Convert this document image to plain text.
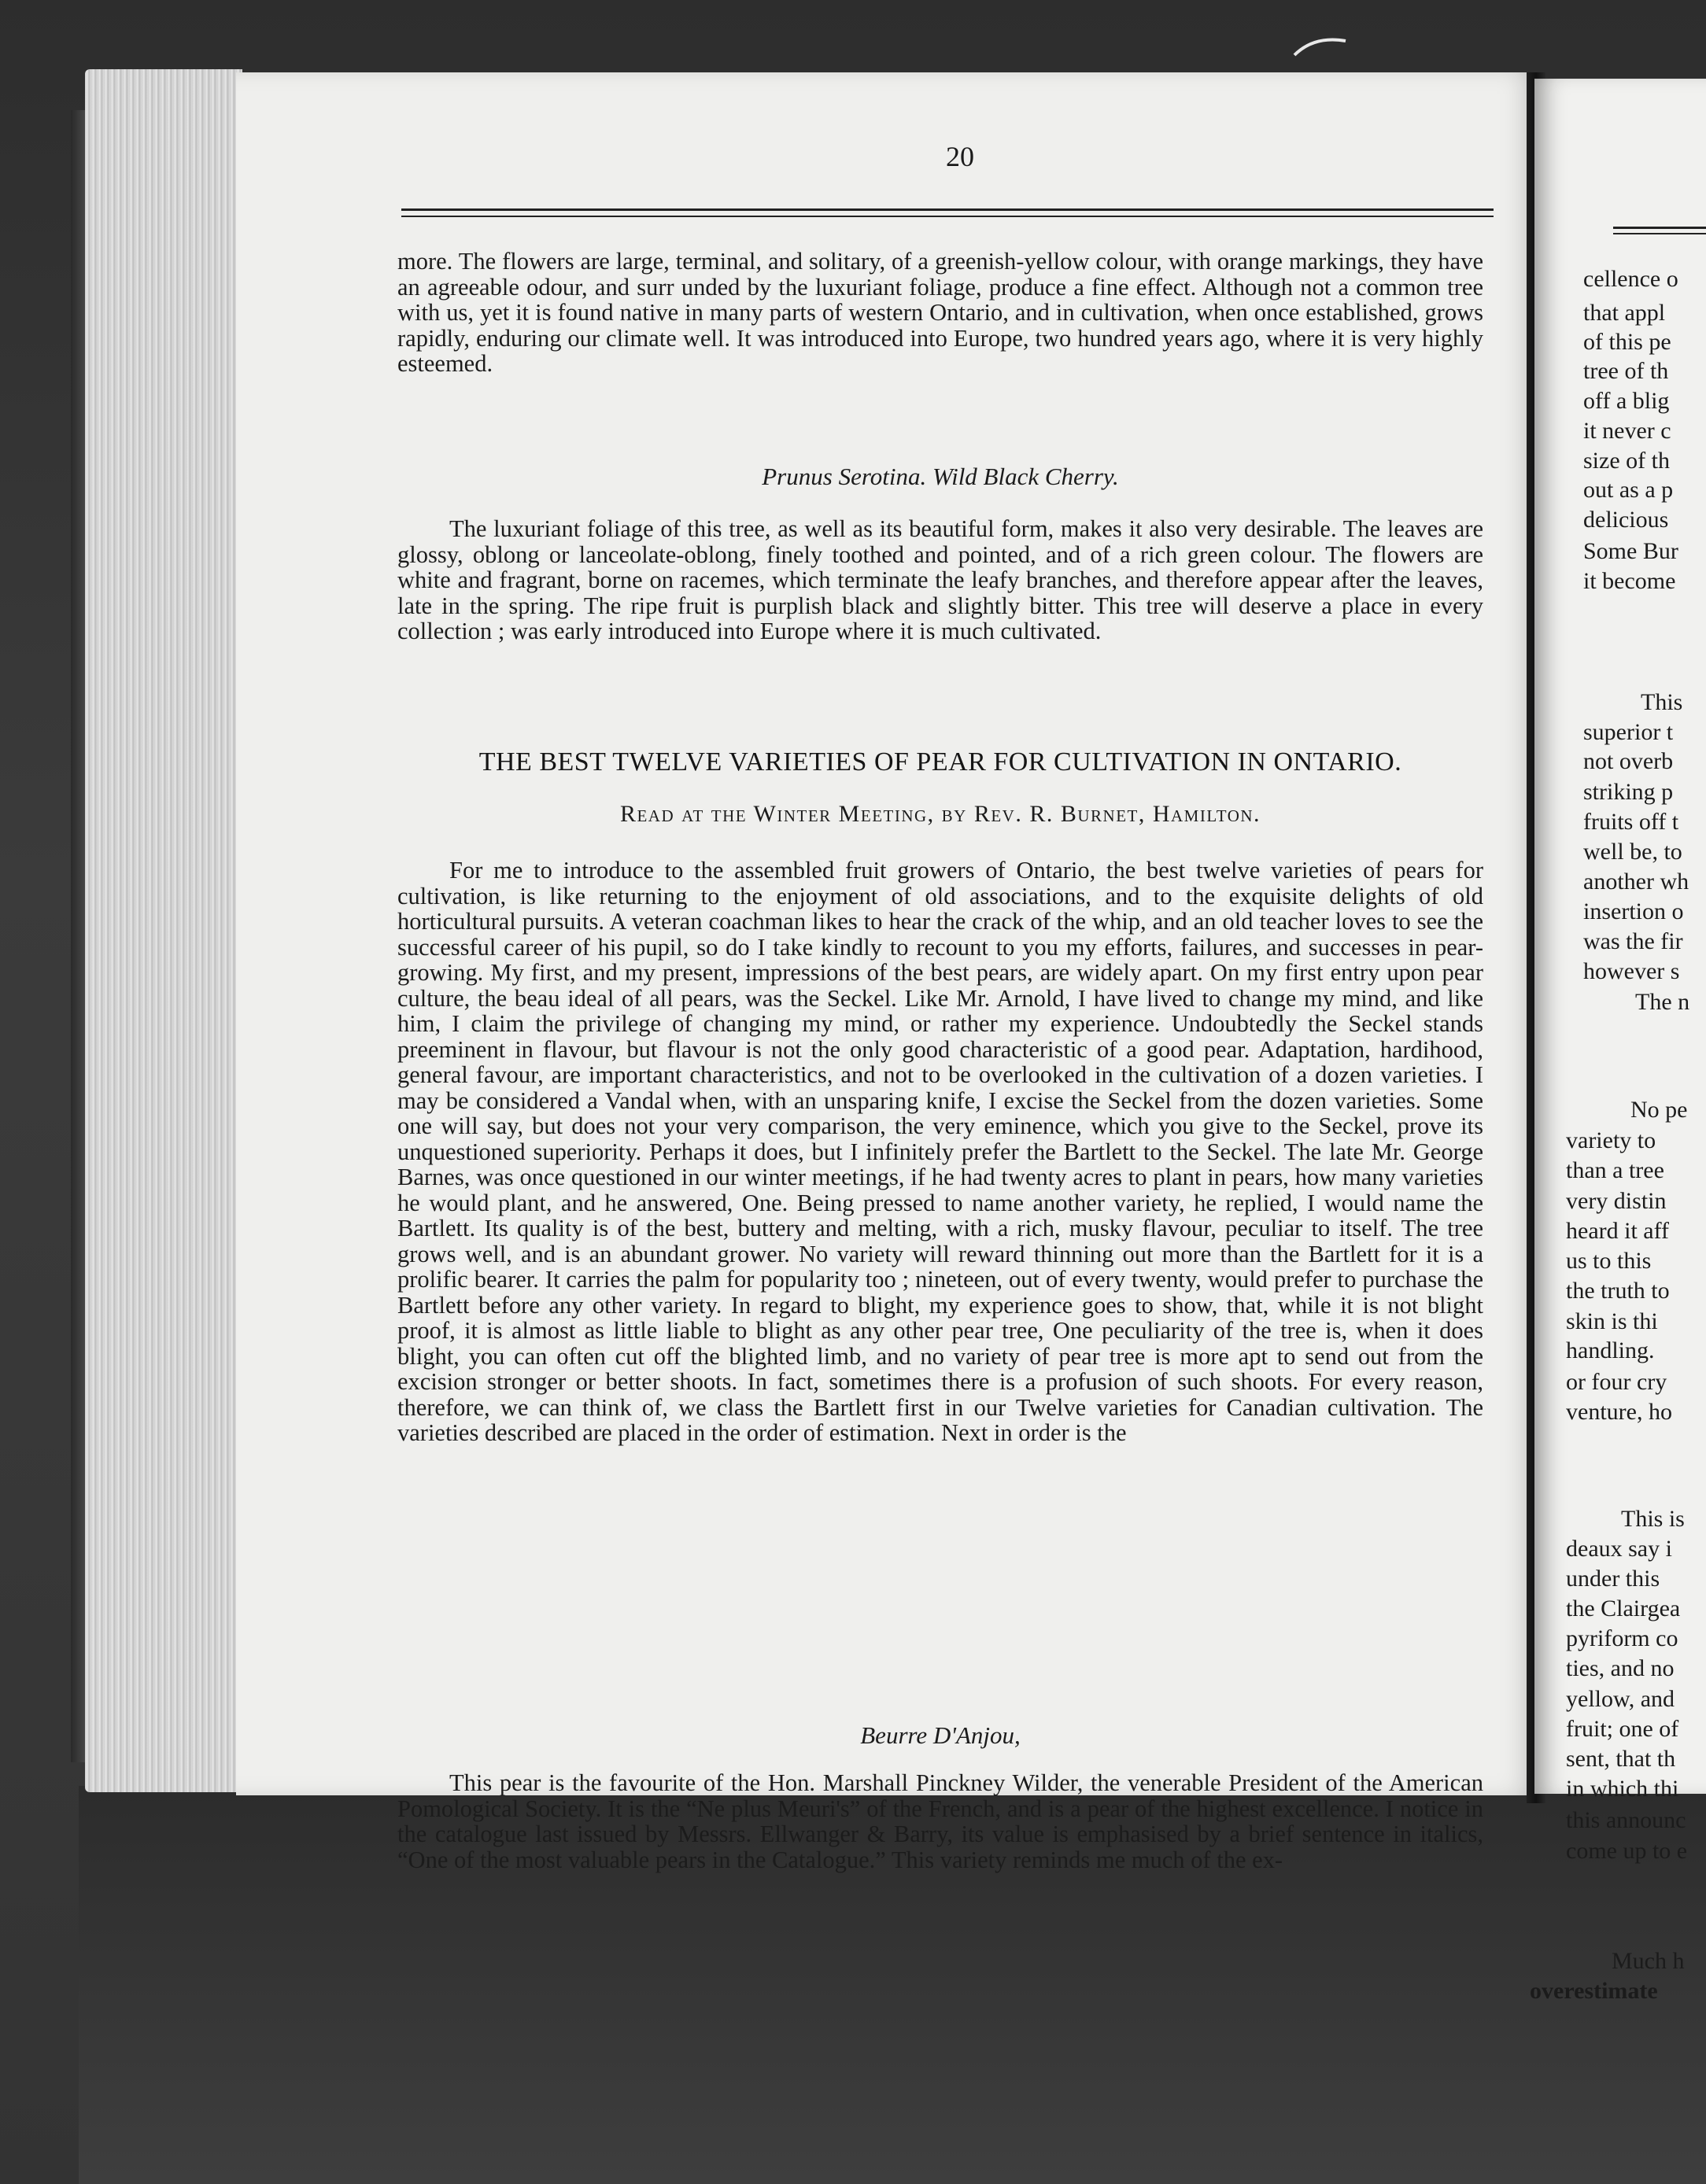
20

more. The flowers are large, terminal, and solitary, of a greenish-yellow colour, with orange markings, they have an agreeable odour, and surr unded by the luxuriant foliage, produce a fine effect. Although not a common tree with us, yet it is found native in many parts of western Ontario, and in cultivation, when once established, grows rapidly, enduring our climate well. It was introduced into Europe, two hundred years ago, where it is very highly esteemed.

Prunus Serotina. Wild Black Cherry.

The luxuriant foliage of this tree, as well as its beautiful form, makes it also very desirable. The leaves are glossy, oblong or lanceolate-oblong, finely toothed and pointed, and of a rich green colour. The flowers are white and fragrant, borne on racemes, which terminate the leafy branches, and therefore appear after the leaves, late in the spring. The ripe fruit is purplish black and slightly bitter. This tree will deserve a place in every collection ; was early introduced into Europe where it is much cultivated.

THE BEST TWELVE VARIETIES OF PEAR FOR CULTIVATION IN ONTARIO.
Read at the Winter Meeting, by Rev. R. Burnet, Hamilton.

For me to introduce to the assembled fruit growers of Ontario, the best twelve varieties of pears for cultivation, is like returning to the enjoyment of old associations, and to the exquisite delights of old horticultural pursuits. A veteran coachman likes to hear the crack of the whip, and an old teacher loves to see the successful career of his pupil, so do I take kindly to recount to you my efforts, failures, and successes in pear-growing. My first, and my present, impressions of the best pears, are widely apart. On my first entry upon pear culture, the beau ideal of all pears, was the Seckel. Like Mr. Arnold, I have lived to change my mind, and like him, I claim the privilege of changing my mind, or rather my experience. Undoubtedly the Seckel stands preeminent in flavour, but flavour is not the only good characteristic of a good pear. Adaptation, hardihood, general favour, are important characteristics, and not to be overlooked in the cultivation of a dozen varieties. I may be considered a Vandal when, with an unsparing knife, I excise the Seckel from the dozen varieties. Some one will say, but does not your very comparison, the very eminence, which you give to the Seckel, prove its unquestioned superiority. Perhaps it does, but I infinitely prefer the Bartlett to the Seckel. The late Mr. George Barnes, was once questioned in our winter meetings, if he had twenty acres to plant in pears, how many varieties he would plant, and he answered, One. Being pressed to name another variety, he replied, I would name the Bartlett. Its quality is of the best, buttery and melting, with a rich, musky flavour, peculiar to itself. The tree grows well, and is an abundant grower. No variety will reward thinning out more than the Bartlett for it is a prolific bearer. It carries the palm for popularity too ; nineteen, out of every twenty, would prefer to purchase the Bartlett before any other variety. In regard to blight, my experience goes to show, that, while it is not blight proof, it is almost as little liable to blight as any other pear tree, One peculiarity of the tree is, when it does blight, you can often cut off the blighted limb, and no variety of pear tree is more apt to send out from the excision stronger or better shoots. In fact, sometimes there is a profusion of such shoots. For every reason, therefore, we can think of, we class the Bartlett first in our Twelve varieties for Canadian cultivation. The varieties described are placed in the order of estimation. Next in order is the

Beurre D'Anjou,

This pear is the favourite of the Hon. Marshall Pinckney Wilder, the venerable President of the American Pomological Society. It is the “Ne plus Meuri's” of the French, and is a pear of the highest excellence. I notice in the catalogue last issued by Messrs. Ellwanger & Barry, its value is emphasised by a brief sentence in italics, “One of the most valuable pears in the Catalogue.” This variety reminds me much of the ex-

cellence o
that appl
of this pe
tree of th
off a blig
it never c
size of th
out as a p
delicious
Some Bur
it become
This
superior t
not overb
striking p
fruits off t
well be, to
another wh
insertion o
was the fir
however s
The n
No pe
variety to
than a tree
very distin
heard it aff
us to this
the truth to
skin is thi
handling.
or four cry
venture, ho
This is
deaux say i
under this
the Clairgea
pyriform co
ties, and no
yellow, and
fruit; one of
sent, that th
in which thi
this announc
come up to e
Much h
overestimate
